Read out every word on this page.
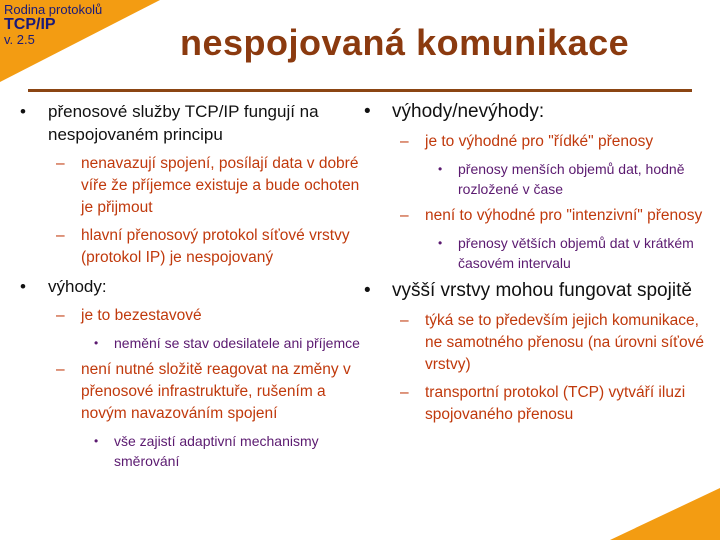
Rodina protokolů
TCP/IP
v. 2.5	nespojovaná komunikace
• přenosové služby TCP/IP fungují na nespojovaném principu
– nenavazují spojení, posílají data v dobré víře že příjemce existuje a bude ochoten je přijmout
– hlavní přenosový protokol síťové vrstvy (protokol IP) je nespojovaný
• výhody:
– je to bezestavové
• nemění se stav odesilatele ani příjemce
– není nutné složitě reagovat na změny v přenosové infrastruktuře, rušením a novým navazováním spojení
• vše zajistí adaptivní mechanismy směrování
• výhody/nevýhody:
– je to výhodné pro "řídké" přenosy
• přenosy menších objemů dat, hodně rozložené v čase
– není to výhodné pro "intenzivní" přenosy
• přenosy větších objemů dat v krátkém časovém intervalu
• vyšší vrstvy mohou fungovat spojitě
– týká se to především jejich komunikace, ne samotného přenosu (na úrovni síťové vrstvy)
– transportní protokol (TCP) vytváří iluzi spojovaného přenosu
